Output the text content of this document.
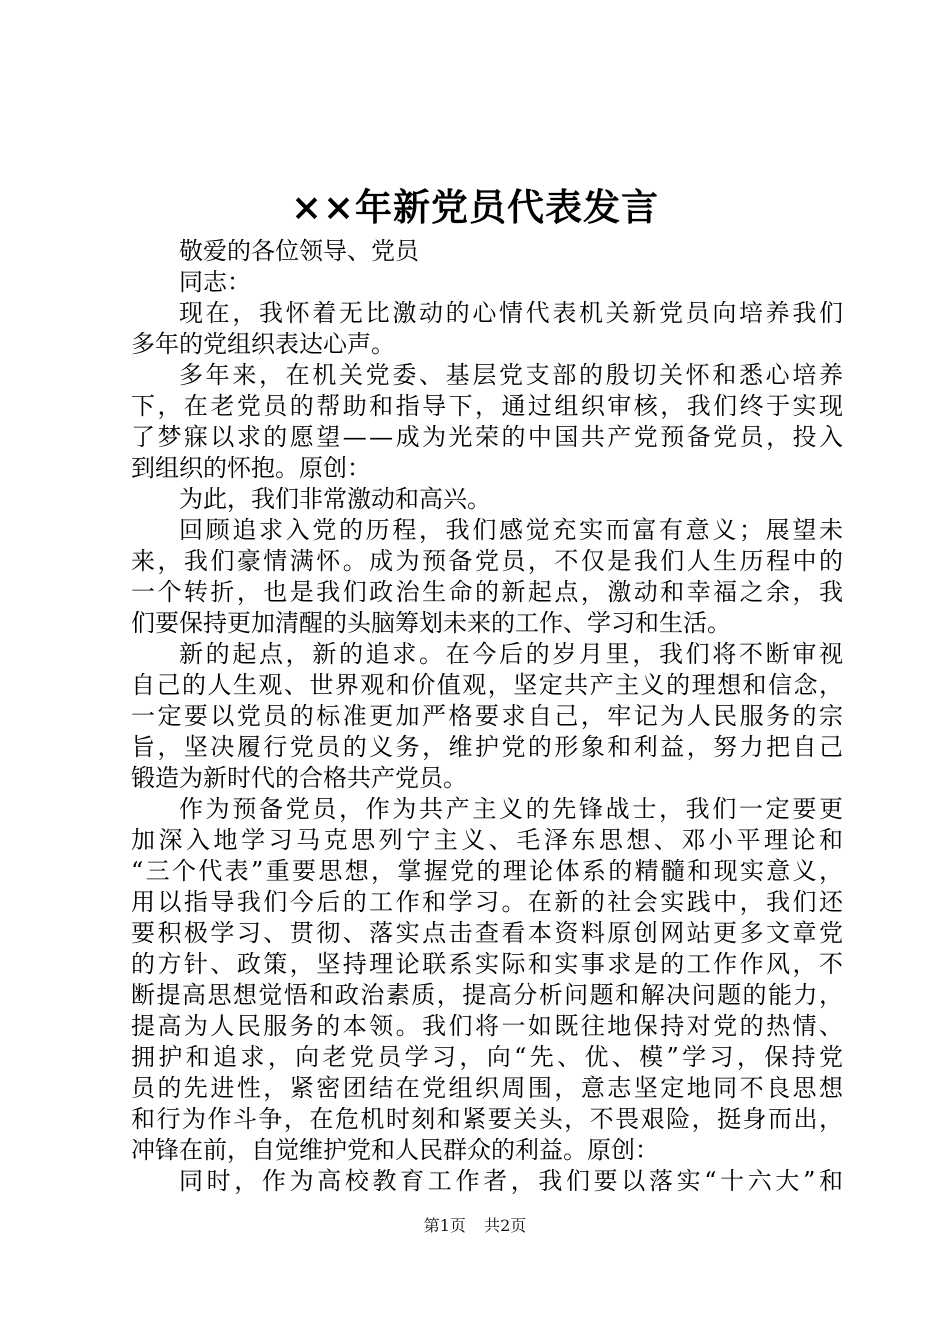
××年新党员代表发言
敬爱的各位领导、党员
同志：
现在，我怀着无比激动的心情代表机关新党员向培养我们
多年的党组织表达心声。
多年来，在机关党委、基层党支部的殷切关怀和悉心培养
下，在老党员的帮助和指导下，通过组织审核，我们终于实现
了梦寐以求的愿望——成为光荣的中国共产党预备党员，投入
到组织的怀抱。原创：
为此，我们非常激动和高兴。
回顾追求入党的历程，我们感觉充实而富有意义；展望未
来，我们豪情满怀。成为预备党员，不仅是我们人生历程中的
一个转折，也是我们政治生命的新起点，激动和幸福之余，我
们要保持更加清醒的头脑筹划未来的工作、学习和生活。
新的起点，新的追求。在今后的岁月里，我们将不断审视
自己的人生观、世界观和价值观，坚定共产主义的理想和信念，
一定要以党员的标准更加严格要求自己，牢记为人民服务的宗
旨，坚决履行党员的义务，维护党的形象和利益，努力把自己
锻造为新时代的合格共产党员。
作为预备党员，作为共产主义的先锋战士，我们一定要更
加深入地学习马克思列宁主义、毛泽东思想、邓小平理论和
“三个代表”重要思想，掌握党的理论体系的精髓和现实意义，
用以指导我们今后的工作和学习。在新的社会实践中，我们还
要积极学习、贯彻、落实点击查看本资料原创网站更多文章党
的方针、政策，坚持理论联系实际和实事求是的工作作风，不
断提高思想觉悟和政治素质，提高分析问题和解决问题的能力，
提高为人民服务的本领。我们将一如既往地保持对党的热情、
拥护和追求，向老党员学习，向“先、优、模”学习，保持党
员的先进性，紧密团结在党组织周围，意志坚定地同不良思想
和行为作斗争，在危机时刻和紧要关头，不畏艰险，挺身而出，
冲锋在前，自觉维护党和人民群众的利益。原创：
同时，作为高校教育工作者，我们要以落实“十六大”和
第1页 共2页
